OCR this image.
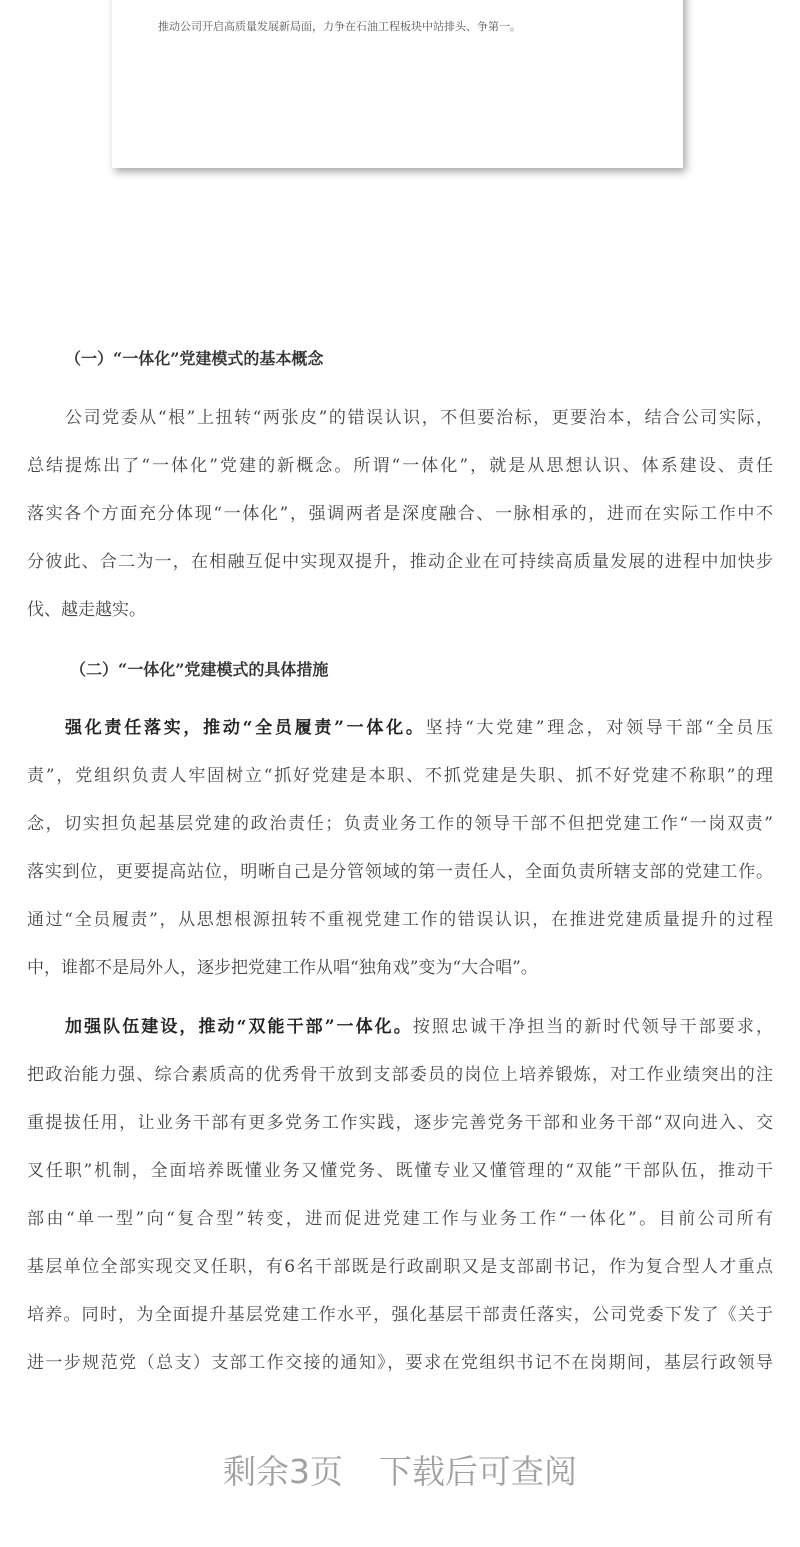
推动公司开启高质量发展新局面，力争在石油工程板块中站排头、争第一。
（一）“一体化”党建模式的基本概念
公司党委从“根”上扭转“两张皮”的错误认识，不但要治标，更要治本，结合公司实际，
总结提炼出了“一体化”党建的新概念。所谓“一体化”，就是从思想认识、体系建设、责任
落实各个方面充分体现“一体化”，强调两者是深度融合、一脉相承的，进而在实际工作中不
分彼此、合二为一，在相融互促中实现双提升，推动企业在可持续高质量发展的进程中加快步
伐、越走越实。
（二）“一体化”党建模式的具体措施
强化责任落实，推动“全员履责”一体化。坚持“大党建”理念，对领导干部“全员压
责”，党组织负责人牢固树立“抓好党建是本职、不抓党建是失职、抓不好党建不称职”的理
念，切实担负起基层党建的政治责任；负责业务工作的领导干部不但把党建工作“一岗双责”
落实到位，更要提高站位，明晰自己是分管领域的第一责任人，全面负责所辖支部的党建工作。
通过“全员履责”，从思想根源扭转不重视党建工作的错误认识，在推进党建质量提升的过程
中，谁都不是局外人，逐步把党建工作从唱“独角戏”变为“大合唱”。
加强队伍建设，推动“双能干部”一体化。按照忠诚干净担当的新时代领导干部要求，
把政治能力强、综合素质高的优秀骨干放到支部委员的岗位上培养锻炼，对工作业绩突出的注
重提拔任用，让业务干部有更多党务工作实践，逐步完善党务干部和业务干部“双向进入、交
叉任职”机制，全面培养既懂业务又懂党务、既懂专业又懂管理的“双能”干部队伍，推动干
部由“单一型”向“复合型”转变，进而促进党建工作与业务工作“一体化”。目前公司所有
基层单位全部实现交叉任职，有6名干部既是行政副职又是支部副书记，作为复合型人才重点
培养。同时，为全面提升基层党建工作水平，强化基层干部责任落实，公司党委下发了《关于
进一步规范党（总支）支部工作交接的通知》，要求在党组织书记不在岗期间，基层行政领导
剩余3页 下载后可查阅
